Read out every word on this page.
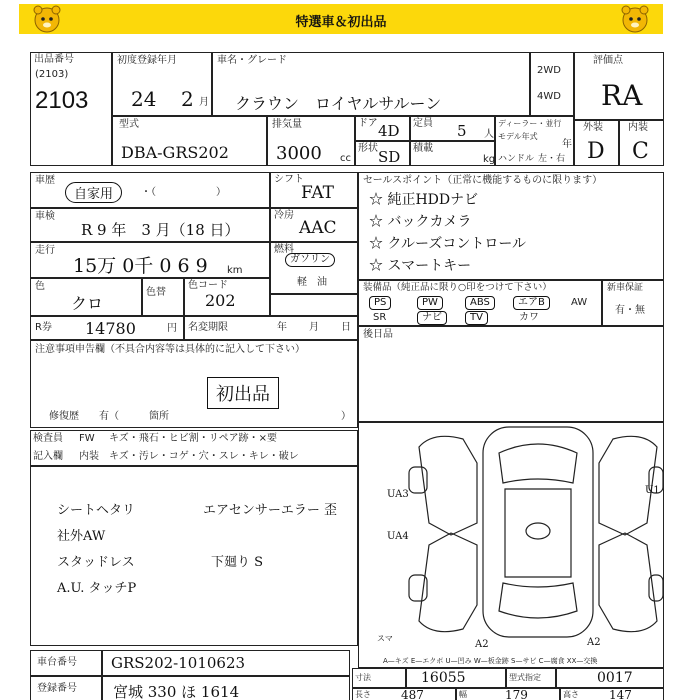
特選車＆初出品
出品番号
(2103)
2103
初度登録年月
24 2 月
車名・グレード
クラウン　ロイヤルサルーン
2WD
4WD
評価点
RA
型式
DBA-GRS202
排気量
3000 cc
ドア 4D 定員 5 人
ディーラー・並行
モデル年式
年
ハンドル 左・右
形状 SD 積載
kg
外装
D
内装
C
車歴
自家用	・（　　　　　　）
シフト
FAT
車検
R 9 年　3 月（18 日）
冷房
AAC
走行
15万 0千 0 6 9 km
燃料
ガソリン
軽　油
色
クロ
色替
色コード
202
R券 14780	円 名変期限	年 月 日
セールスポイント（正常に機能するものに限ります）
☆ 純正HDDナビ
☆ バックカメラ
☆ クルーズコントロール
☆ スマートキー
装備品（純正品に限り○印をつけて下さい）
PS	PW	ABS	エアB	AW
SR	ナビ	TV	カワ
新車保証
有・無
後日品
注意事項申告欄（不具合内容等は具体的に記入して下さい）
初出品
修復歴　　有（　　　箇所	）
検査員
記入欄
FW キズ・飛石・ヒビ割・リペア跡・×要
内装 キズ・汚レ・コゲ・穴・スレ・キレ・破レ
シートヘタリ
社外AW
スタッドレス
A.U. タッチP
エアセンサーエラー 歪
下廻り S
U1
UA3
UA4
A2	A2
スマ
A—キズ E—エクボ U—凹み W—板金跡 S—サビ C—腐食 XX—交換
車台番号 GRS202-1010623
登録番号 宮城 330 ほ 1614
寸法	16055	型式指定	0017
長さ	487	幅	179	高さ	147
